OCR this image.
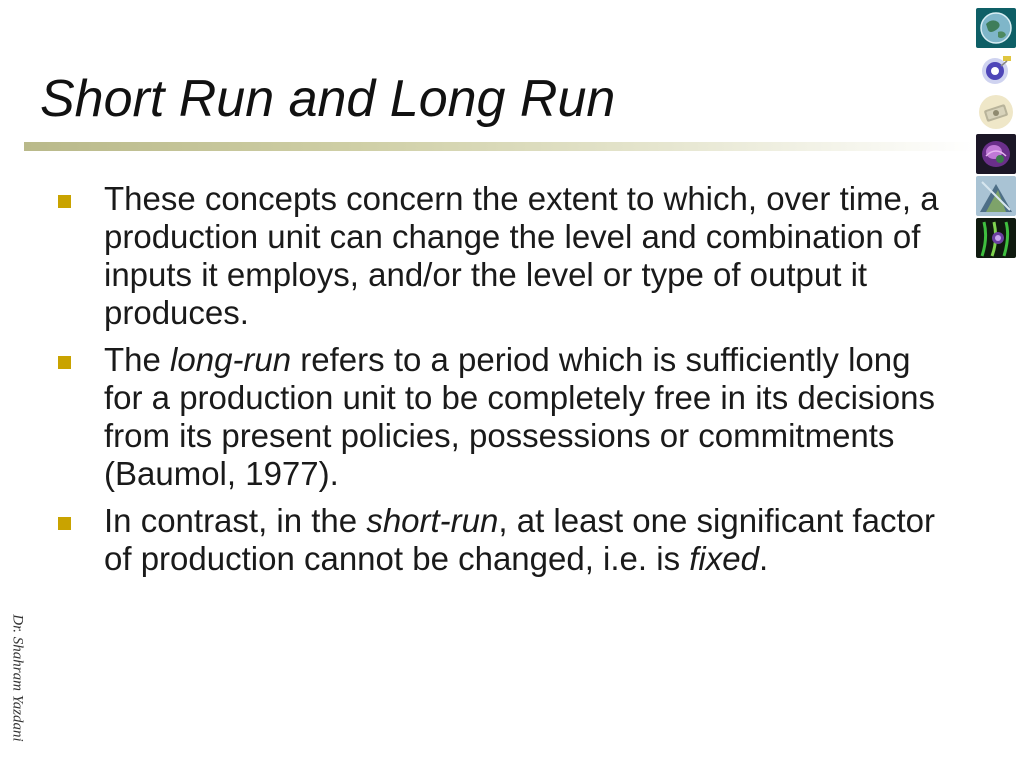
Short Run and Long Run
These concepts concern the extent to which, over time, a production unit can change the level and combination of inputs it employs, and/or the level or type of output it produces.
The long-run refers to a period which is sufficiently long for a production unit to be completely free in its decisions from its present policies, possessions or commitments (Baumol, 1977).
In contrast, in the short-run, at least one significant factor of production cannot be changed, i.e. is fixed.
Dr. Shahram Yazdani
